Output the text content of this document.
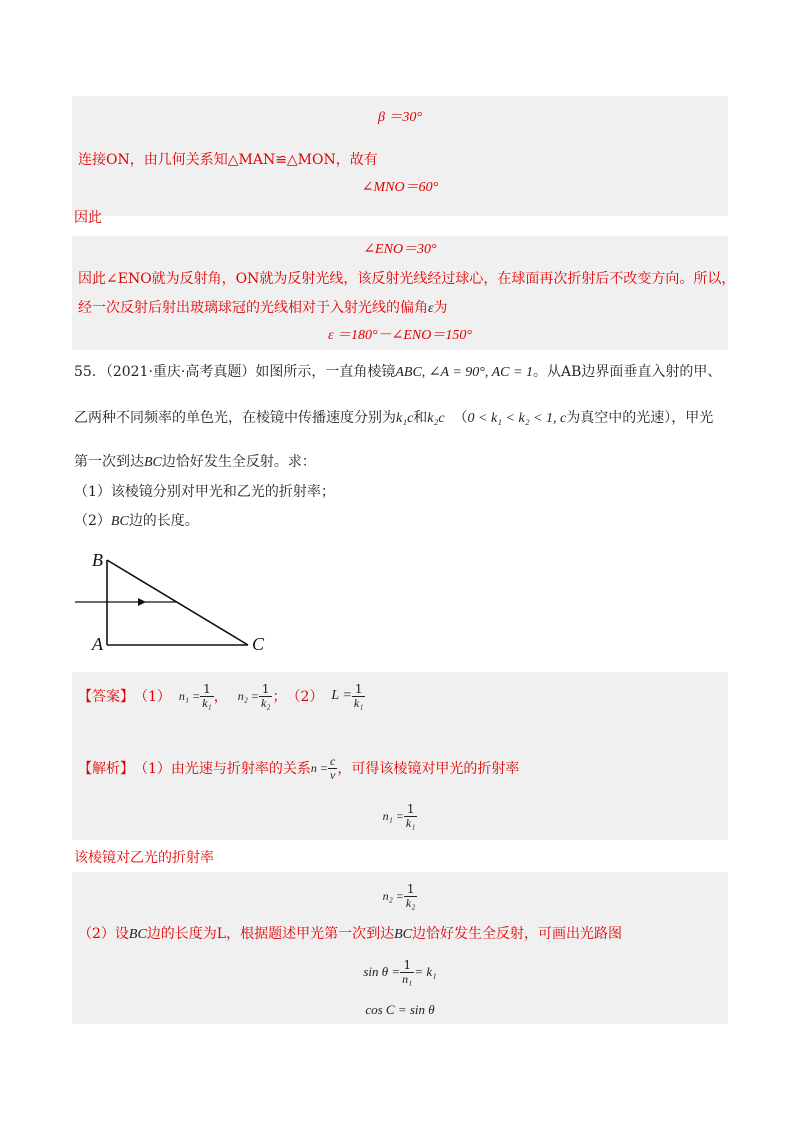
β ＝30°
连接ON，由几何关系知△MAN≌△MON，故有
∠MNO＝60°
因此
∠ENO＝30°
因此∠ENO就为反射角，ON就为反射光线，该反射光线经过球心，在球面再次折射后不改变方向。所以，
经一次反射后射出玻璃球冠的光线相对于入射光线的偏角ε为
ε ＝180°－∠ENO＝150°
55．（2021·重庆·高考真题）如图所示，一直角棱镜ABC, ∠A = 90°, AC = 1。从AB边界面垂直入射的甲、
乙两种不同频率的单色光，在棱镜中传播速度分别为k₁c和k₂c （0 < k₁ < k₂ < 1, c为真空中的光速），甲光
第一次到达BC边恰好发生全反射。求：
（1）该棱镜分别对甲光和乙光的折射率；
（2）BC边的长度。
B
A	C
【答案】 （1） $n_1 = \frac{1}{\text{k₁}}$ ， $n_2 = \frac{1}{\text{k₂}}$ ； （2） $L = \frac{1}{\text{k₁}}$
【解析】 （1）由光速与折射率的关系 $n = \frac{c}{v}$ ，可得该棱镜对甲光的折射率
$n_1 = \frac{1}{\text{k₁}}$
该棱镜对乙光的折射率
$n_2 = \frac{1}{\text{k₂}}$
（2）设BC边的长度为L，根据题述甲光第一次到达BC边恰好发生全反射，可画出光路图
$\sin \theta = \frac{1}{\text{n₁}} = k_1$
cos C = sin θ
